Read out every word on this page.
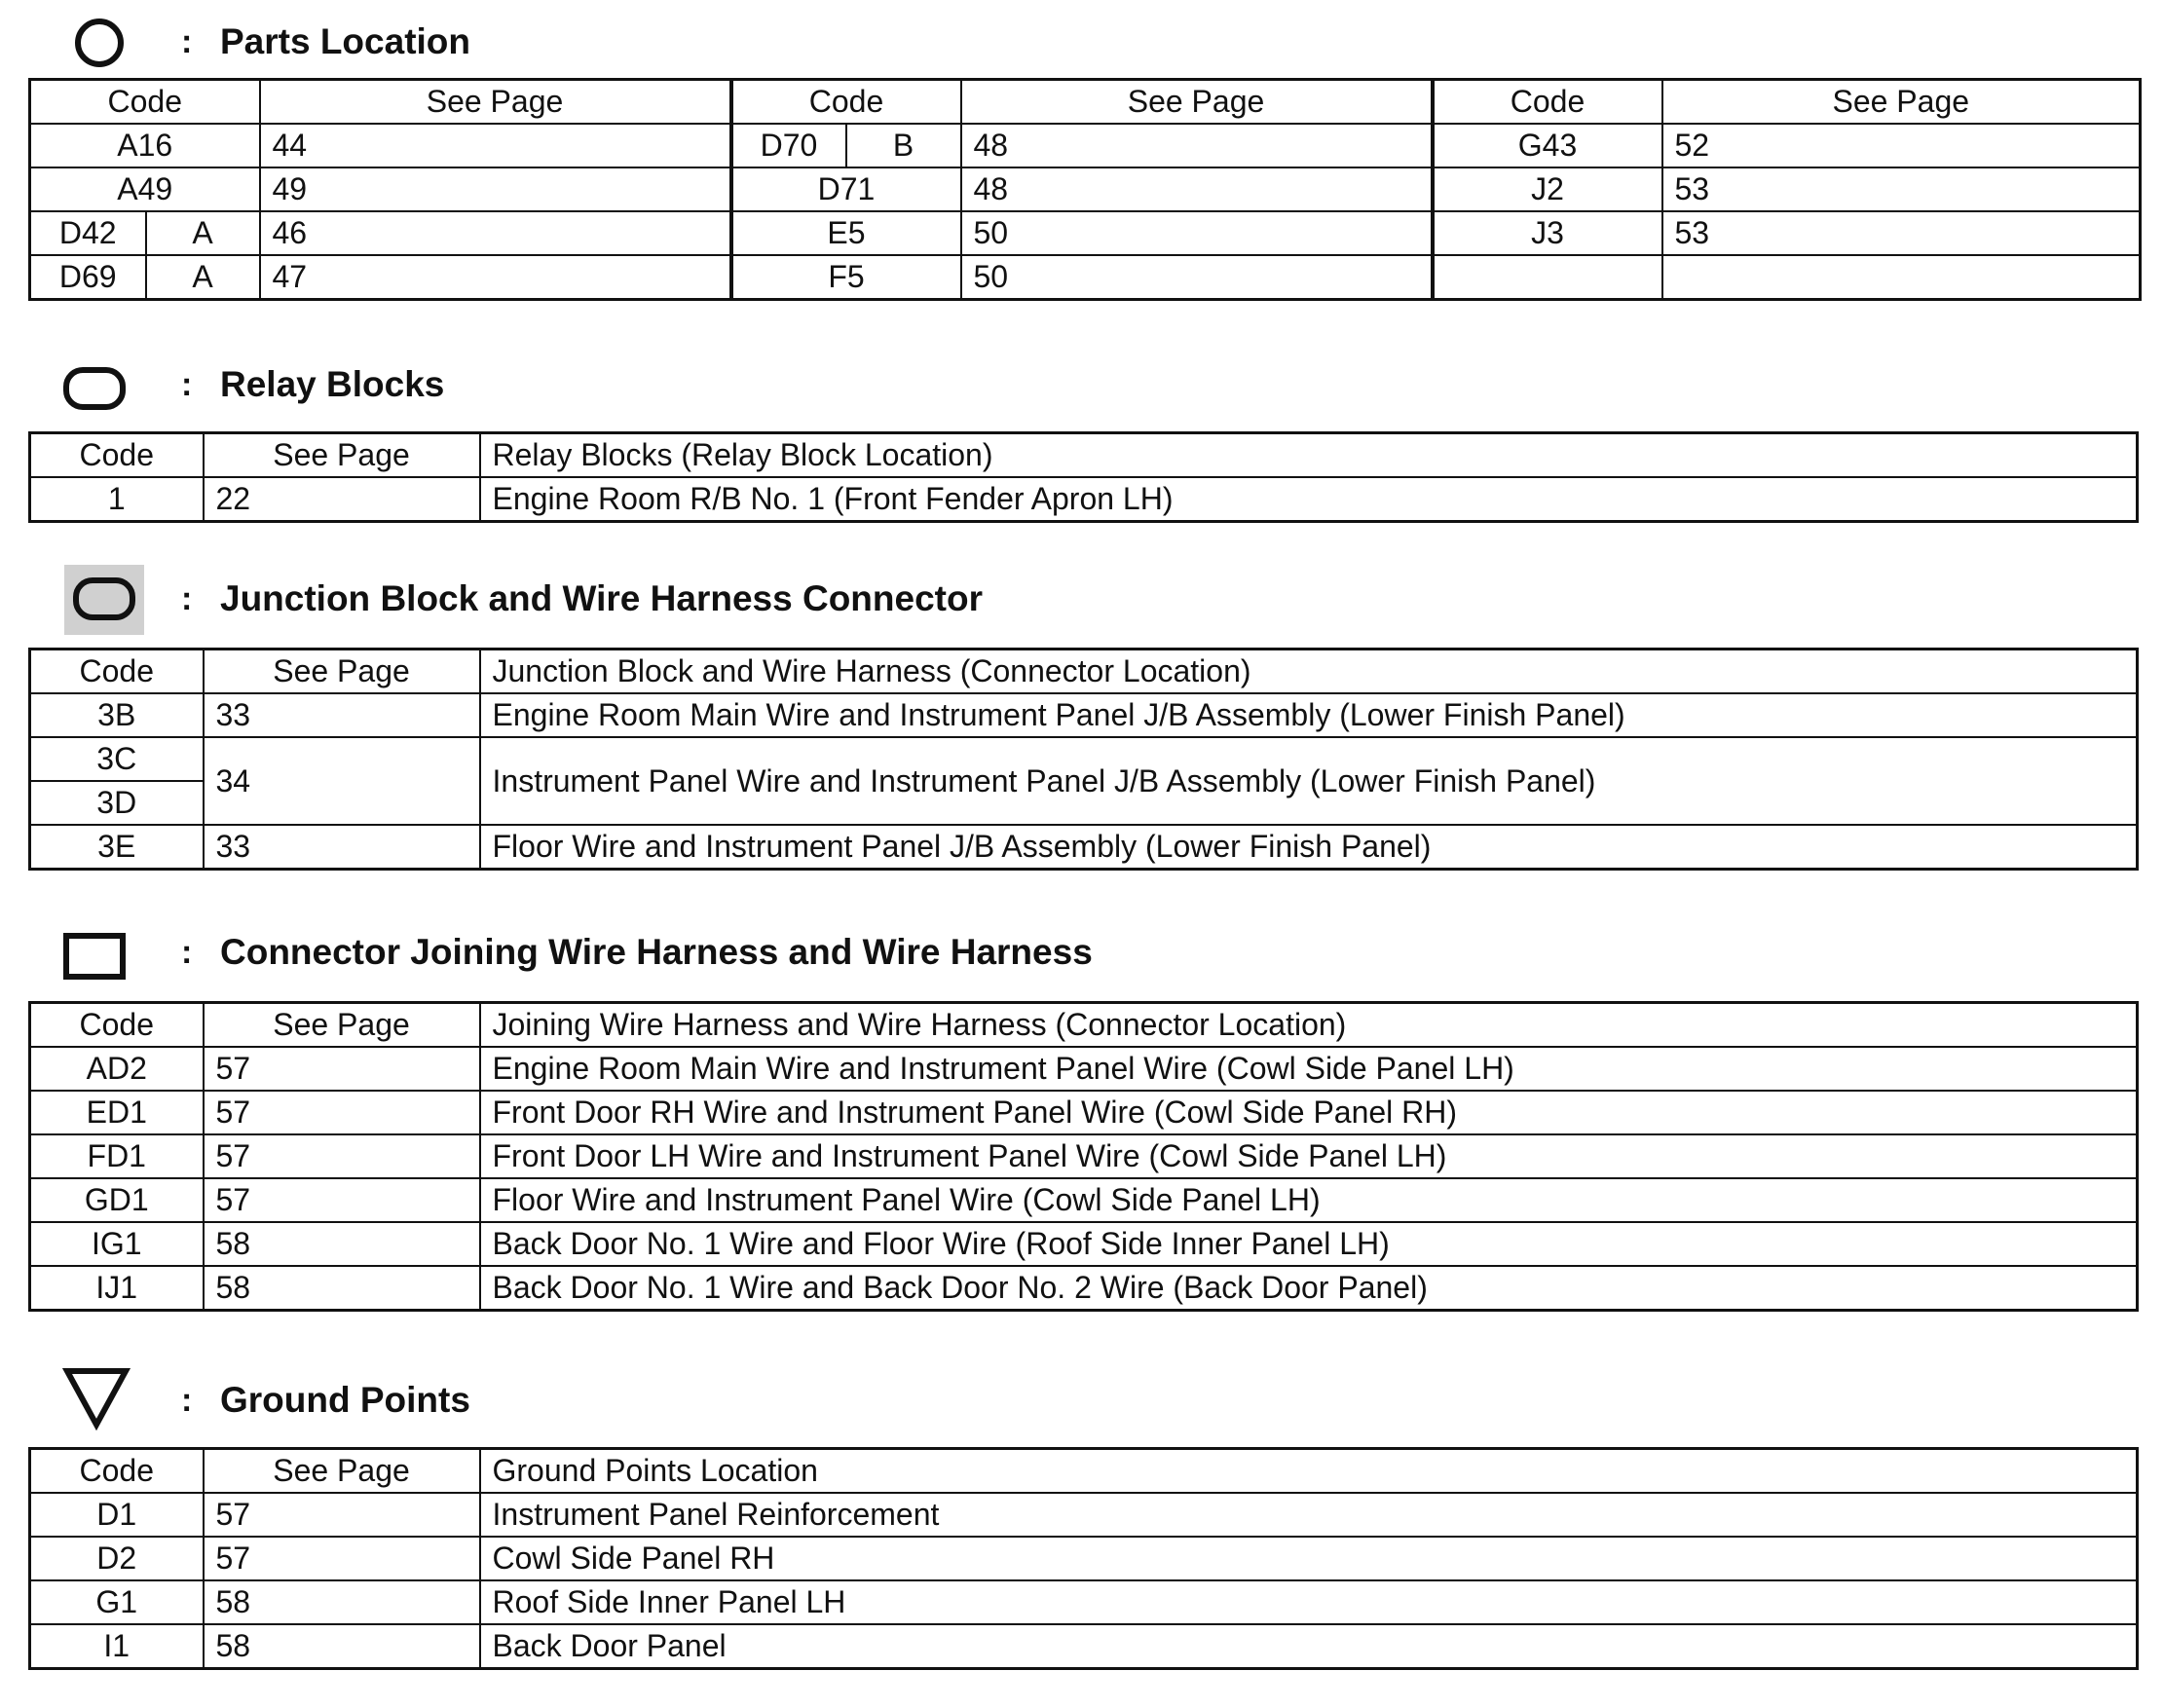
: Parts Location
Code		See Page	Code		See Page	Code	See Page
A16		44	D70	B	48	G43	52
A49		49	D71		48	J2	53
D42	A	46	E5		50	J3	53
D69	A	47	F5		50		
: Relay Blocks
Code	See Page	Relay Blocks (Relay Block Location)
1	22	Engine Room R/B No. 1 (Front Fender Apron LH)
: Junction Block and Wire Harness Connector
Code	See Page	Junction Block and Wire Harness (Connector Location)
3B	33	Engine Room Main Wire and Instrument Panel J/B Assembly (Lower Finish Panel)
3C	34	Instrument Panel Wire and Instrument Panel J/B Assembly (Lower Finish Panel)
3D		
3E	33	Floor Wire and Instrument Panel J/B Assembly (Lower Finish Panel)
: Connector Joining Wire Harness and Wire Harness
Code	See Page	Joining Wire Harness and Wire Harness (Connector Location)
AD2	57	Engine Room Main Wire and Instrument Panel Wire (Cowl Side Panel LH)
ED1	57	Front Door RH Wire and Instrument Panel Wire (Cowl Side Panel RH)
FD1	57	Front Door LH Wire and Instrument Panel Wire (Cowl Side Panel LH)
GD1	57	Floor Wire and Instrument Panel Wire (Cowl Side Panel LH)
IG1	58	Back Door No. 1 Wire and Floor Wire (Roof Side Inner Panel LH)
IJ1	58	Back Door No. 1 Wire and Back Door No. 2 Wire (Back Door Panel)
: Ground Points
Code	See Page	Ground Points Location
D1	57	Instrument Panel Reinforcement
D2	57	Cowl Side Panel RH
G1	58	Roof Side Inner Panel LH
I1	58	Back Door Panel
